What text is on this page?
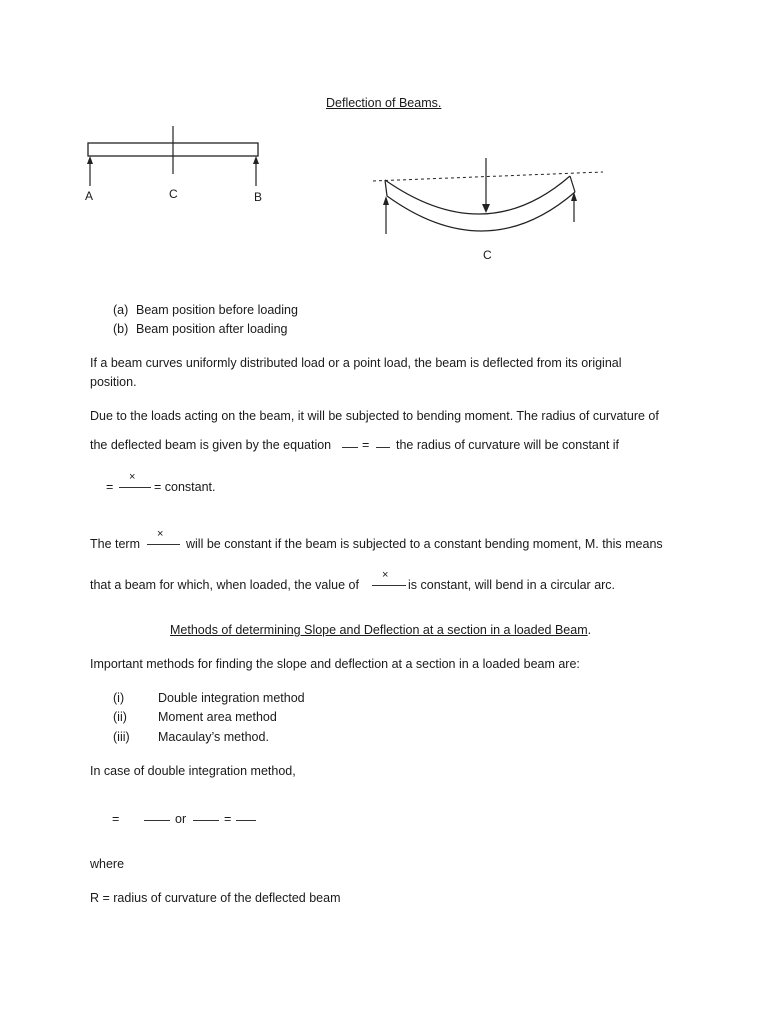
Deflection of Beams.
A	C	B
C
(a) Beam position before loading
(b) Beam position after loading
If a beam curves uniformly distributed load or a point load, the beam is deflected from its original
position.
Due to the loads acting on the beam, it will be subjected to bending moment. The radius of curvature of
the deflected beam is given by the equation = the radius of curvature will be constant if
=
×
= constant.
The term
×
will be constant if the beam is subjected to a constant bending moment, M. this means
that a beam for which, when loaded, the value of
×
is constant, will bend in a circular arc.
Methods of determining Slope and Deflection at a section in a loaded Beam.
Important methods for finding the slope and deflection at a section in a loaded beam are:
(i)	Double integration method
(ii) Moment area method
(iii) Macaulay’s method.
In case of double integration method,
=	or	=
where
R = radius of curvature of the deflected beam
